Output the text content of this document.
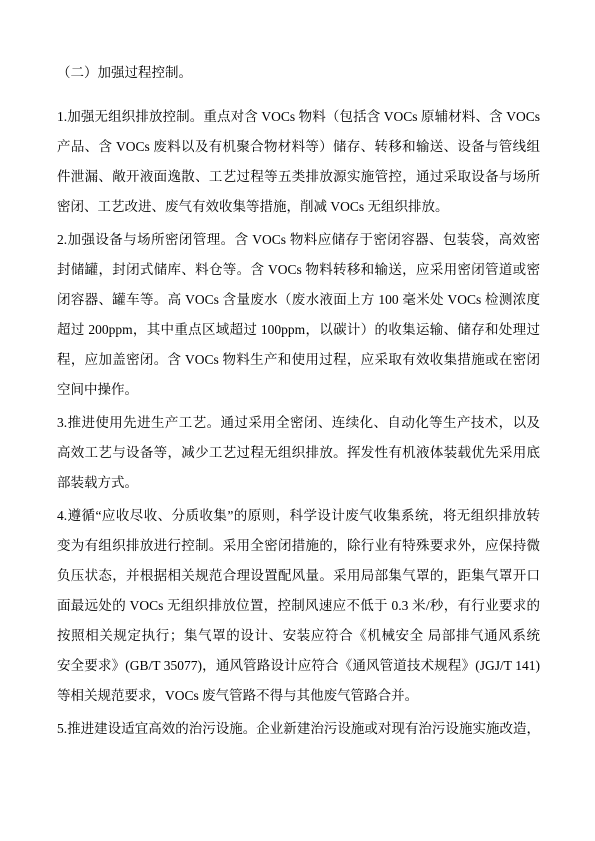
（二）加强过程控制。
1.加强无组织排放控制。重点对含 VOCs 物料（包括含 VOCs 原辅材料、含 VOCs
产品、含 VOCs 废料以及有机聚合物材料等）储存、转移和输送、设备与管线组
件泄漏、敞开液面逸散、工艺过程等五类排放源实施管控，通过采取设备与场所
密闭、工艺改进、废气有效收集等措施，削减 VOCs 无组织排放。
2.加强设备与场所密闭管理。含 VOCs 物料应储存于密闭容器、包装袋，高效密
封储罐，封闭式储库、料仓等。含 VOCs 物料转移和输送，应采用密闭管道或密
闭容器、罐车等。高 VOCs 含量废水（废水液面上方 100 毫米处 VOCs 检测浓度
超过 200ppm，其中重点区域超过 100ppm，以碳计）的收集运输、储存和处理过
程，应加盖密闭。含 VOCs 物料生产和使用过程，应采取有效收集措施或在密闭
空间中操作。
3.推进使用先进生产工艺。通过采用全密闭、连续化、自动化等生产技术，以及
高效工艺与设备等，减少工艺过程无组织排放。挥发性有机液体装载优先采用底
部装载方式。
4.遵循“应收尽收、分质收集”的原则，科学设计废气收集系统，将无组织排放转
变为有组织排放进行控制。采用全密闭措施的，除行业有特殊要求外，应保持微
负压状态，并根据相关规范合理设置配风量。采用局部集气罩的，距集气罩开口
面最远处的 VOCs 无组织排放位置，控制风速应不低于 0.3 米/秒，有行业要求的
按照相关规定执行；集气罩的设计、安装应符合《机械安全 局部排气通风系统
安全要求》(GB/T 35077)，通风管路设计应符合《通风管道技术规程》(JGJ/T 141)
等相关规范要求，VOCs 废气管路不得与其他废气管路合并。
5.推进建设适宜高效的治污设施。企业新建治污设施或对现有治污设施实施改造，
